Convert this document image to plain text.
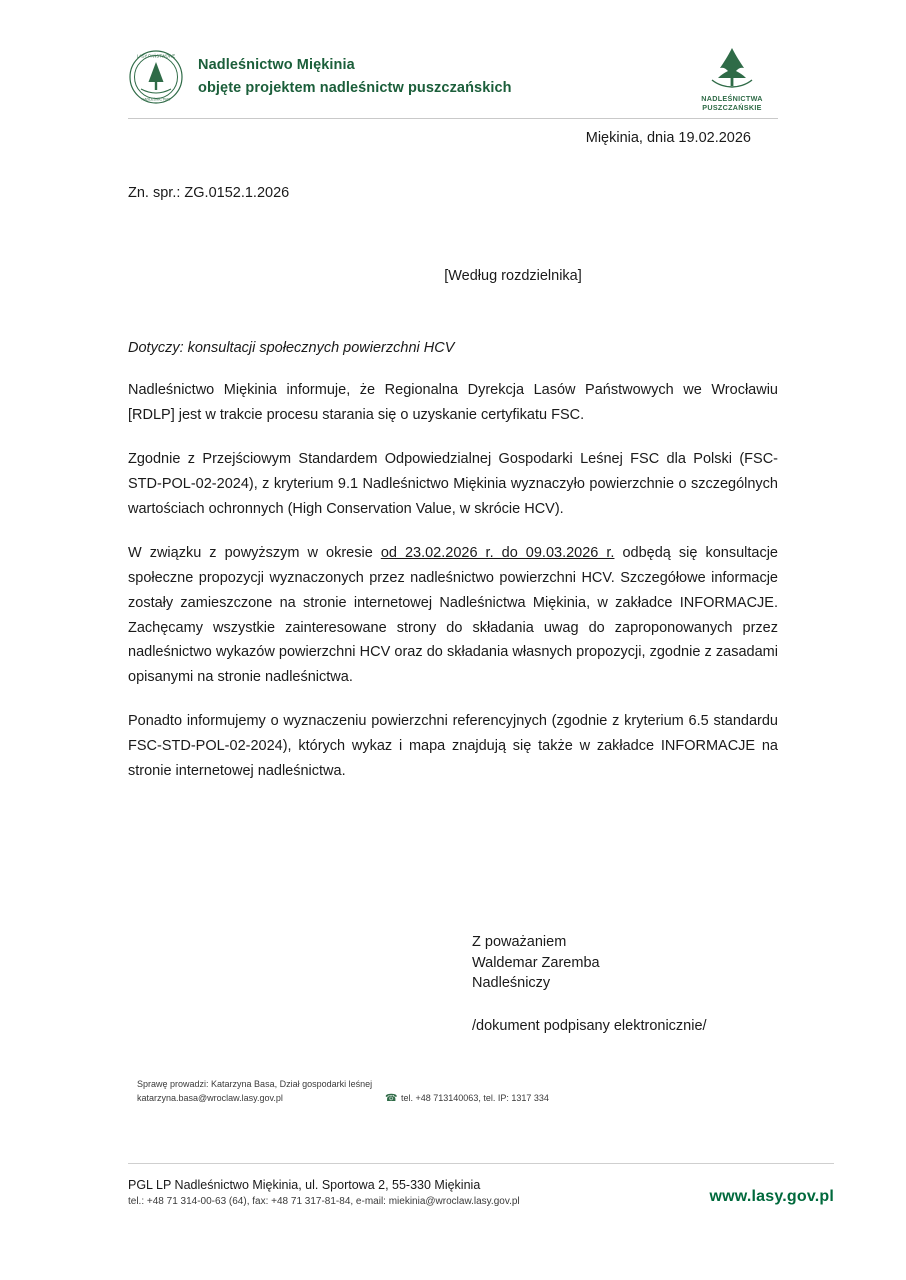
LASY PAŃSTWOWE
NADLEŚNICTWO
Nadleśnictwo Miękinia
objęte projektem nadleśnictw puszczańskich
NADLEŚNICTWA
PUSZCZAŃSKIE
Miękinia, dnia 19.02.2026
Zn. spr.: ZG.0152.1.2026
[Według rozdzielnika]
Dotyczy: konsultacji społecznych powierzchni HCV

Nadleśnictwo Miękinia informuje, że Regionalna Dyrekcja Lasów Państwowych we Wrocławiu [RDLP] jest w trakcie procesu starania się o uzyskanie certyfikatu FSC.

Zgodnie z Przejściowym Standardem Odpowiedzialnej Gospodarki Leśnej FSC dla Polski (FSC-STD-POL-02-2024), z kryterium 9.1 Nadleśnictwo Miękinia wyznaczyło powierzchnie o szczególnych wartościach ochronnych (High Conservation Value, w skrócie HCV).

W związku z powyższym w okresie od 23.02.2026 r. do 09.03.2026 r. odbędą się konsultacje społeczne propozycji wyznaczonych przez nadleśnictwo powierzchni HCV. Szczegółowe informacje zostały zamieszczone na stronie internetowej Nadleśnictwa Miękinia, w zakładce INFORMACJE. Zachęcamy wszystkie zainteresowane strony do składania uwag do zaproponowanych przez nadleśnictwo wykazów powierzchni HCV oraz do składania własnych propozycji, zgodnie z zasadami opisanymi na stronie nadleśnictwa.

Ponadto informujemy o wyznaczeniu powierzchni referencyjnych (zgodnie z kryterium 6.5 standardu FSC-STD-POL-02-2024), których wykaz i mapa znajdują się także w zakładce INFORMACJE na stronie internetowej nadleśnictwa.

Z poważaniem
Waldemar Zaremba
Nadleśniczy
/dokument podpisany elektronicznie/
Sprawę prowadzi: Katarzyna Basa, Dział gospodarki leśnej
katarzyna.basa@wroclaw.lasy.gov.pl	☎ tel. +48 713140063, tel. IP: 1317 334
PGL LP Nadleśnictwo Miękinia, ul. Sportowa 2, 55-330 Miękinia
tel.: +48 71 314-00-63 (64), fax: +48 71 317-81-84, e-mail: miekinia@wroclaw.lasy.gov.pl	www.lasy.gov.pl
